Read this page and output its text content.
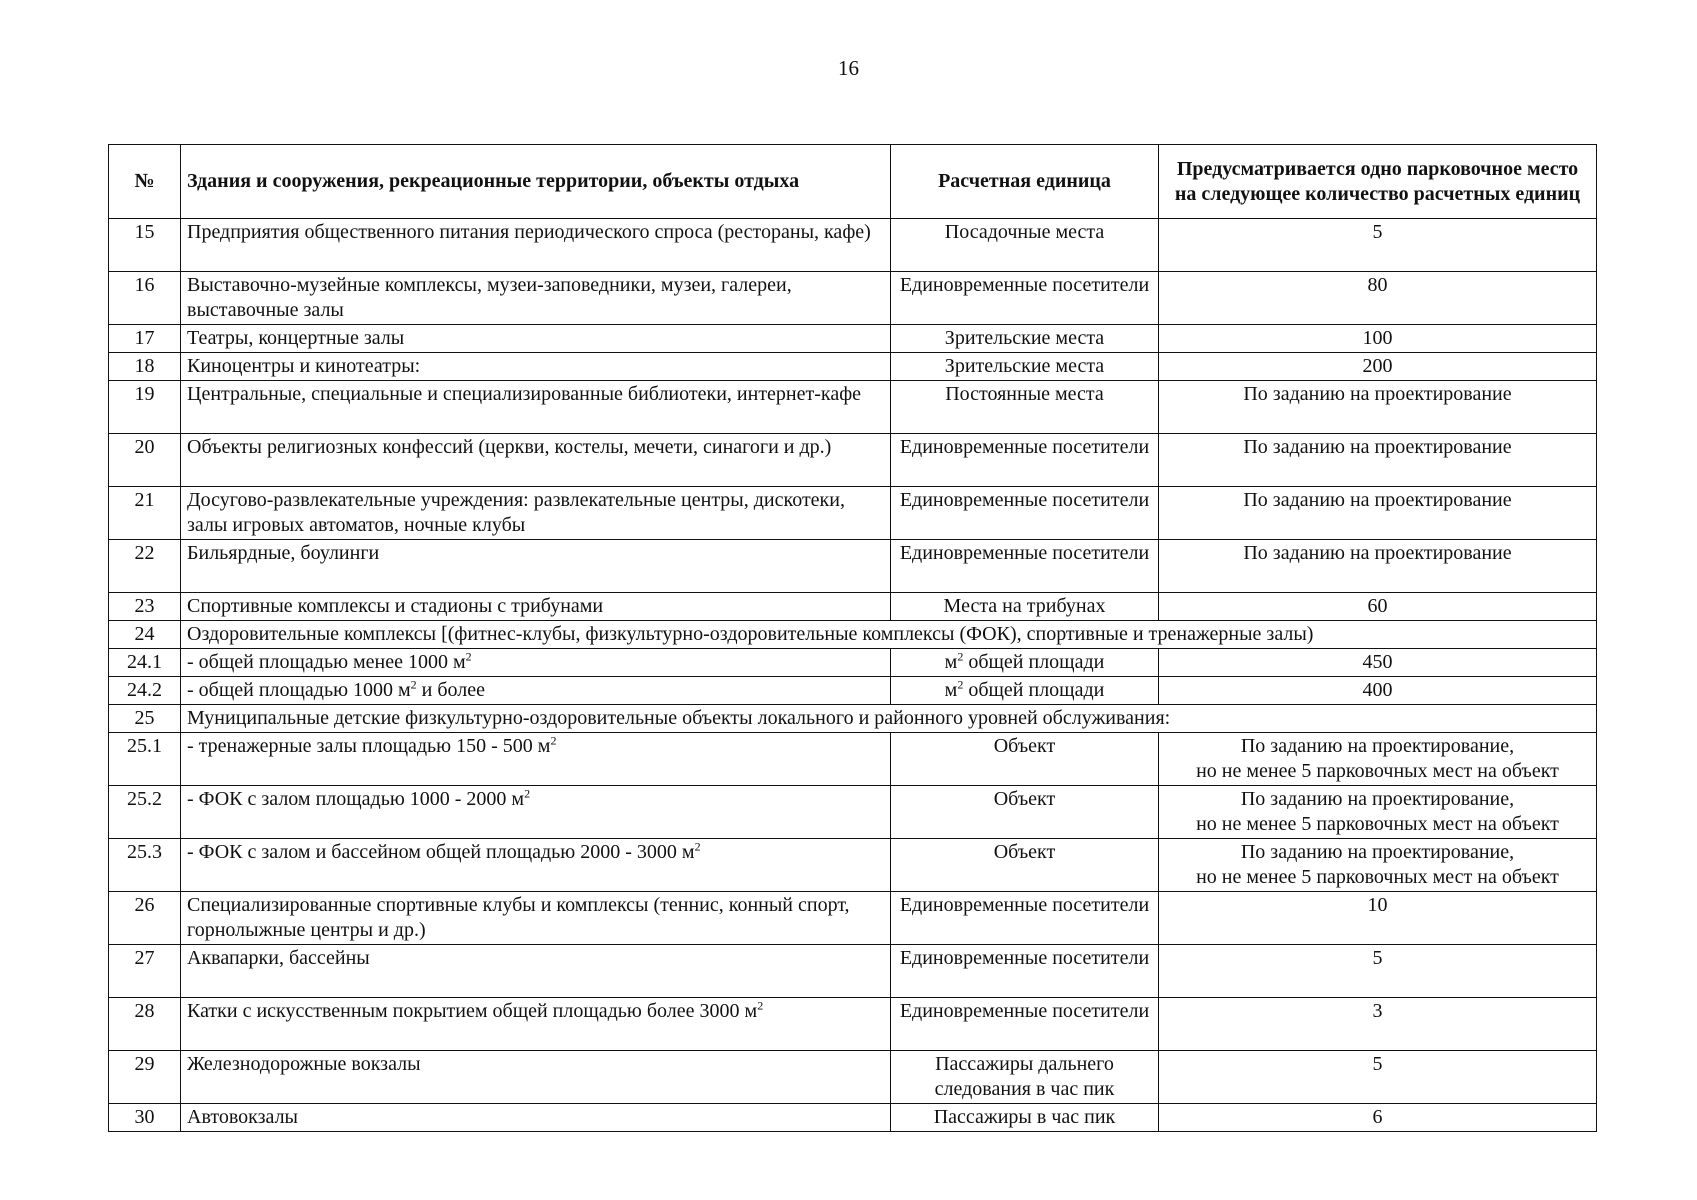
16
№	Здания и сооружения, рекреационные территории, объекты отдыха	Расчетная единица	Предусматривается одно парковочное место на следующее количество расчетных единиц
15	Предприятия общественного питания периодического спроса (рестораны, кафе)	Посадочные места	5
16	Выставочно-музейные комплексы, музеи-заповедники, музеи, галереи, выставочные залы	Единовременные посетители	80
17	Театры, концертные залы	Зрительские места	100
18	Киноцентры и кинотеатры:	Зрительские места	200
19	Центральные, специальные и специализированные библиотеки, интернет-кафе	Постоянные места	По заданию на проектирование
20	Объекты религиозных конфессий (церкви, костелы, мечети, синагоги и др.)	Единовременные посетители	По заданию на проектирование
21	Досугово-развлекательные учреждения: развлекательные центры, дискотеки, залы игровых автоматов, ночные клубы	Единовременные посетители	По заданию на проектирование
22	Бильярдные, боулинги	Единовременные посетители	По заданию на проектирование
23	Спортивные комплексы и стадионы с трибунами	Места на трибунах	60
24	Оздоровительные комплексы [(фитнес-клубы, физкультурно-оздоровительные комплексы (ФОК), спортивные и тренажерные залы)		
24.1	- общей площадью менее 1000 $м^2$	$м^2$ общей площади	450
24.2	- общей площадью 1000 $м^2$ и более	$м^2$ общей площади	400
25	Муниципальные детские физкультурно-оздоровительные объекты локального и районного уровней обслуживания:		
25.1	- тренажерные залы площадью 150 - 500 $м^2$	Объект	По заданию на проектирование,
но не менее 5 парковочных мест на объект
25.2	- ФОК с залом площадью 1000 - 2000 $м^2$	Объект	По заданию на проектирование,
но не менее 5 парковочных мест на объект
25.3	- ФОК с залом и бассейном общей площадью 2000 - 3000 $м^2$	Объект	По заданию на проектирование,
но не менее 5 парковочных мест на объект
26	Специализированные спортивные клубы и комплексы (теннис, конный спорт, горнолыжные центры и др.)	Единовременные посетители	10
27	Аквапарки, бассейны	Единовременные посетители	5
28	Катки с искусственным покрытием общей площадью более 3000 $м^2$	Единовременные посетители	3
29	Железнодорожные вокзалы	Пассажиры дальнего следования в час пик	5
30	Автовокзалы	Пассажиры в час пик	6
